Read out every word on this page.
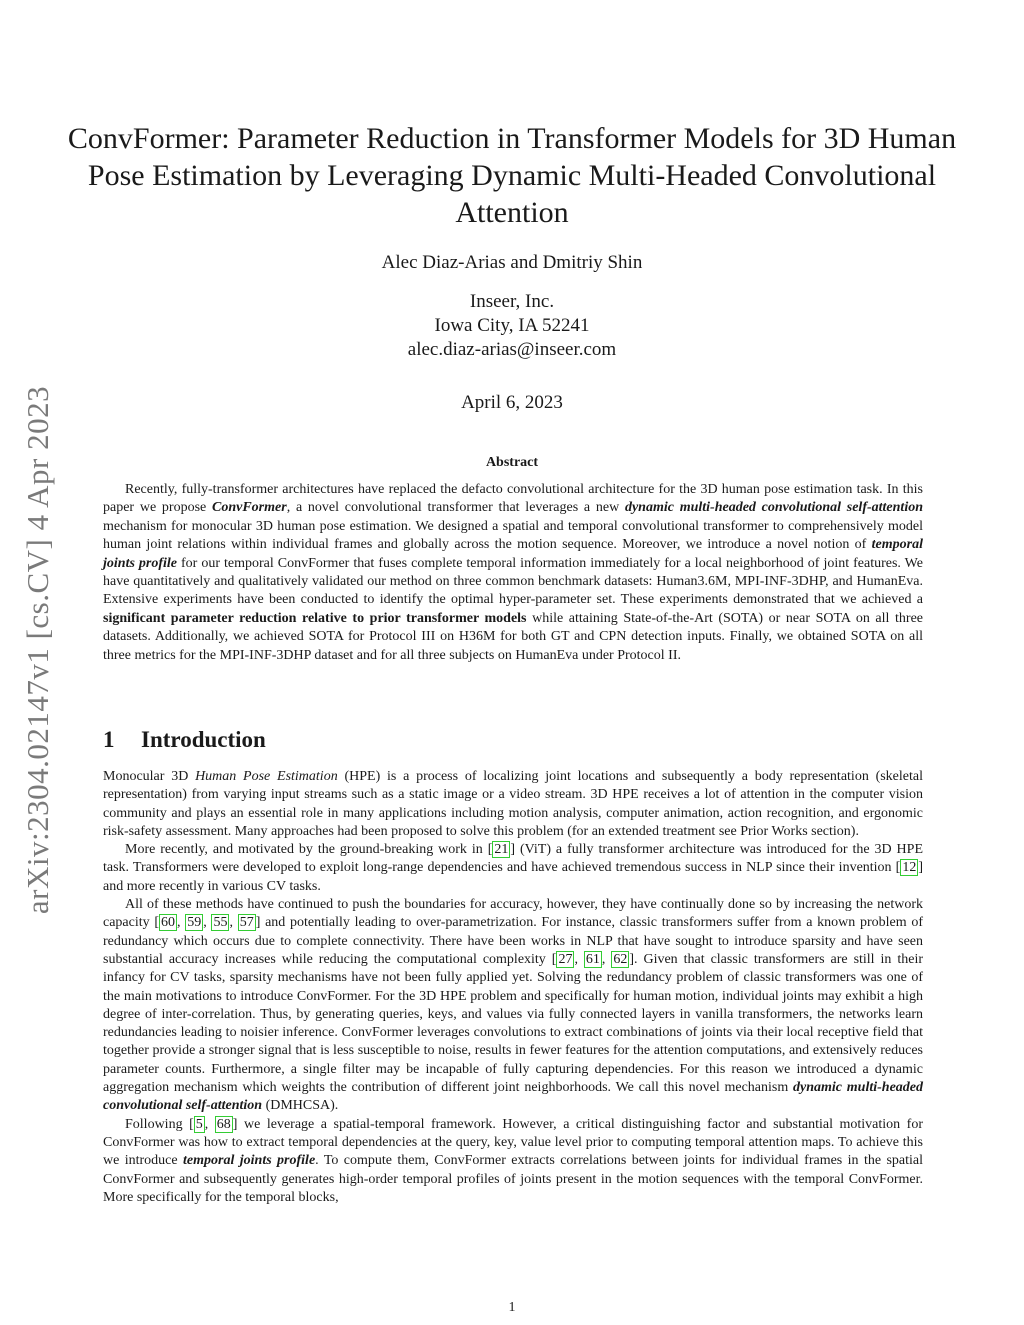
arXiv:2304.02147v1 [cs.CV] 4 Apr 2023
ConvFormer: Parameter Reduction in Transformer Models for 3D Human Pose Estimation by Leveraging Dynamic Multi-Headed Convolutional Attention
Alec Diaz-Arias and Dmitriy Shin
Inseer, Inc.
Iowa City, IA 52241
alec.diaz-arias@inseer.com
April 6, 2023
Abstract
Recently, fully-transformer architectures have replaced the defacto convolutional architecture for the 3D human pose estimation task. In this paper we propose ConvFormer, a novel convolutional transformer that leverages a new dynamic multi-headed convolutional self-attention mechanism for monocular 3D human pose estimation. We designed a spatial and temporal convolutional transformer to comprehensively model human joint relations within individual frames and globally across the motion sequence. Moreover, we introduce a novel notion of temporal joints profile for our temporal ConvFormer that fuses complete temporal information immediately for a local neighborhood of joint features. We have quantitatively and qualitatively validated our method on three common benchmark datasets: Human3.6M, MPI-INF-3DHP, and HumanEva. Extensive experiments have been conducted to identify the optimal hyper-parameter set. These experiments demonstrated that we achieved a significant parameter reduction relative to prior transformer models while attaining State-of-the-Art (SOTA) or near SOTA on all three datasets. Additionally, we achieved SOTA for Protocol III on H36M for both GT and CPN detection inputs. Finally, we obtained SOTA on all three metrics for the MPI-INF-3DHP dataset and for all three subjects on HumanEva under Protocol II.
1 Introduction

Monocular 3D Human Pose Estimation (HPE) is a process of localizing joint locations and subsequently a body representation (skeletal representation) from varying input streams such as a static image or a video stream. 3D HPE receives a lot of attention in the computer vision community and plays an essential role in many applications including motion analysis, computer animation, action recognition, and ergonomic risk-safety assessment. Many approaches had been proposed to solve this problem (for an extended treatment see Prior Works section).

More recently, and motivated by the ground-breaking work in [ 21 ] (ViT) a fully transformer architecture was introduced for the 3D HPE task. Transformers were developed to exploit long-range dependencies and have achieved tremendous success in NLP since their invention [ 12 ] and more recently in various CV tasks.

All of these methods have continued to push the boundaries for accuracy, however, they have continually done so by increasing the network capacity [ 60 , 59 , 55 , 57 ] and potentially leading to over-parametrization. For instance, classic transformers suffer from a known problem of redundancy which occurs due to complete connectivity. There have been works in NLP that have sought to introduce sparsity and have seen substantial accuracy increases while reducing the computational complexity [ 27 , 61 , 62 ]. Given that classic transformers are still in their infancy for CV tasks, sparsity mechanisms have not been fully applied yet. Solving the redundancy problem of classic transformers was one of the main motivations to introduce ConvFormer. For the 3D HPE problem and specifically for human motion, individual joints may exhibit a high degree of inter-correlation. Thus, by generating queries, keys, and values via fully connected layers in vanilla transformers, the networks learn redundancies leading to noisier inference. ConvFormer leverages convolutions to extract combinations of joints via their local receptive field that together provide a stronger signal that is less susceptible to noise, results in fewer features for the attention computations, and extensively reduces parameter counts. Furthermore, a single filter may be incapable of fully capturing dependencies. For this reason we introduced a dynamic aggregation mechanism which weights the contribution of different joint neighborhoods. We call this novel mechanism dynamic multi-headed convolutional self-attention (DMHCSA).

Following [ 5 , 68 ] we leverage a spatial-temporal framework. However, a critical distinguishing factor and substantial motivation for ConvFormer was how to extract temporal dependencies at the query, key, value level prior to computing temporal attention maps. To achieve this we introduce temporal joints profile. To compute them, ConvFormer extracts correlations between joints for individual frames in the spatial ConvFormer and subsequently generates high-order temporal profiles of joints present in the motion sequences with the temporal ConvFormer. More specifically for the temporal blocks,

1
